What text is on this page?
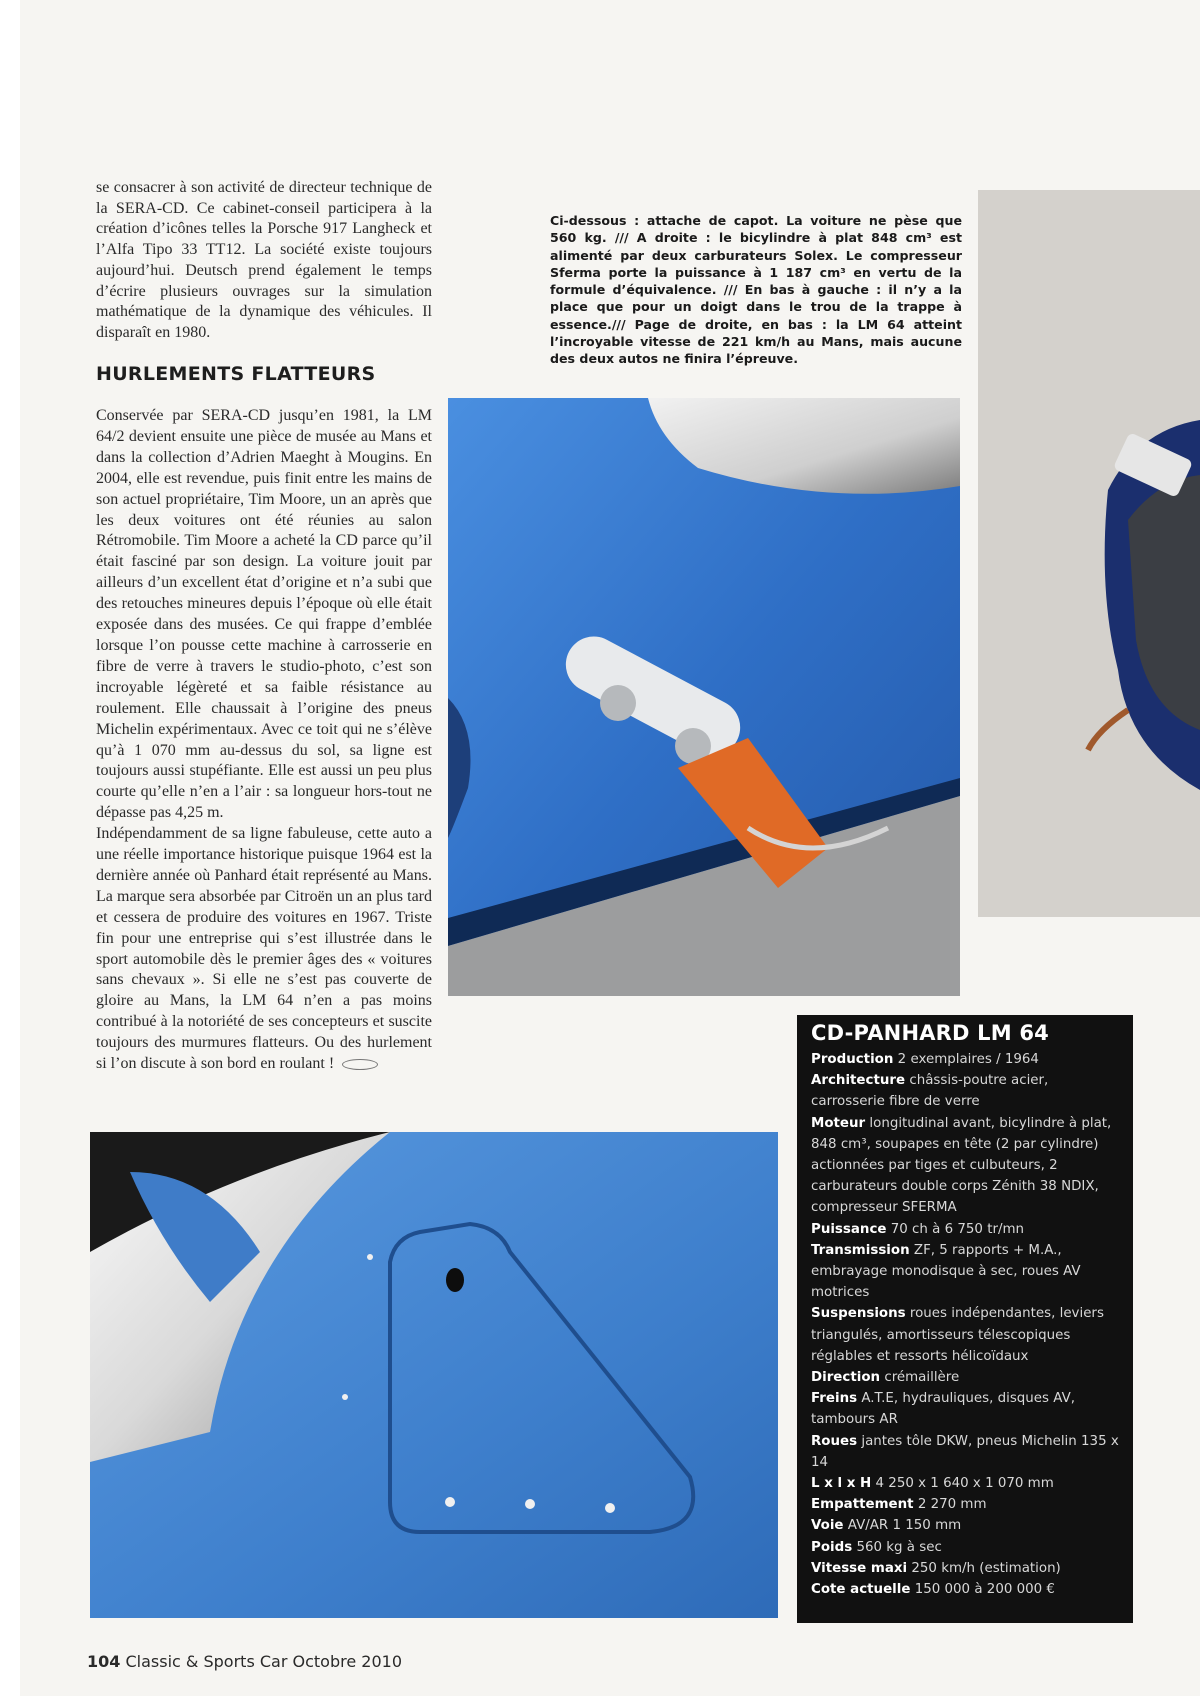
se consacrer à son activité de directeur technique de la SERA-CD. Ce cabinet-conseil participera à la création d’icônes telles la Porsche 917 Langheck et l’Alfa Tipo 33 TT12. La société existe toujours aujourd’hui. Deutsch prend également le temps d’écrire plusieurs ouvrages sur la simulation mathématique de la dynamique des véhicules. Il disparaît en 1980.

HURLEMENTS FLATTEURS

Conservée par SERA-CD jusqu’en 1981, la LM 64/2 devient ensuite une pièce de musée au Mans et dans la collection d’Adrien Maeght à Mougins. En 2004, elle est revendue, puis finit entre les mains de son actuel propriétaire, Tim Moore, un an après que les deux voitures ont été réunies au salon Rétromobile. Tim Moore a acheté la CD parce qu’il était fasciné par son design. La voiture jouit par ailleurs d’un excellent état d’origine et n’a subi que des retouches mineures depuis l’époque où elle était exposée dans des musées. Ce qui frappe d’emblée lorsque l’on pousse cette machine à carrosserie en fibre de verre à travers le studio-photo, c’est son incroyable légèreté et sa faible résistance au roulement. Elle chaussait à l’origine des pneus Michelin expérimentaux. Avec ce toit qui ne s’élève qu’à 1 070 mm au-dessus du sol, sa ligne est toujours aussi stupéfiante. Elle est aussi un peu plus courte qu’elle n’en a l’air : sa longueur hors-tout ne dépasse pas 4,25 m.

Indépendamment de sa ligne fabuleuse, cette auto a une réelle importance historique puisque 1964 est la dernière année où Panhard était représenté au Mans. La marque sera absorbée par Citroën un an plus tard et cessera de produire des voitures en 1967. Triste fin pour une entreprise qui s’est illustrée dans le sport automobile dès le premier âges des « voitures sans chevaux ». Si elle ne s’est pas couverte de gloire au Mans, la LM 64 n’en a pas moins contribué à la notoriété de ses concepteurs et suscite toujours des murmures flatteurs. Ou des hurlement si l’on discute à son bord en roulant !

Ci-dessous : attache de capot. La voiture ne pèse que 560 kg. /// A droite : le bicylindre à plat 848 cm³ est alimenté par deux carburateurs Solex. Le compresseur Sferma porte la puissance à 1 187 cm³ en vertu de la formule d’équivalence. /// En bas à gauche : il n’y a la place que pour un doigt dans le trou de la trappe à essence./// Page de droite, en bas : la LM 64 atteint l’incroyable vitesse de 221 km/h au Mans, mais aucune des deux autos ne finira l’épreuve.
CD-PANHARD LM 64

Production 2 exemplaires / 1964

Architecture châssis-poutre acier, carrosserie fibre de verre

Moteur longitudinal avant, bicylindre à plat, 848 cm³, soupapes en tête (2 par cylindre) actionnées par tiges et culbuteurs, 2 carburateurs double corps Zénith 38 NDIX, compresseur SFERMA

Puissance 70 ch à 6 750 tr/mn

Transmission ZF, 5 rapports + M.A., embrayage monodisque à sec, roues AV motrices

Suspensions roues indépendantes, leviers triangulés, amortisseurs télescopiques réglables et ressorts hélicoïdaux

Direction crémaillère

Freins A.T.E, hydrauliques, disques AV, tambours AR

Roues jantes tôle DKW, pneus Michelin 135 x 14

L x l x H 4 250 x 1 640 x 1 070 mm

Empattement 2 270 mm

Voie AV/AR 1 150 mm

Poids 560 kg à sec

Vitesse maxi 250 km/h (estimation)

Cote actuelle 150 000 à 200 000 €

104 Classic & Sports Car Octobre 2010
